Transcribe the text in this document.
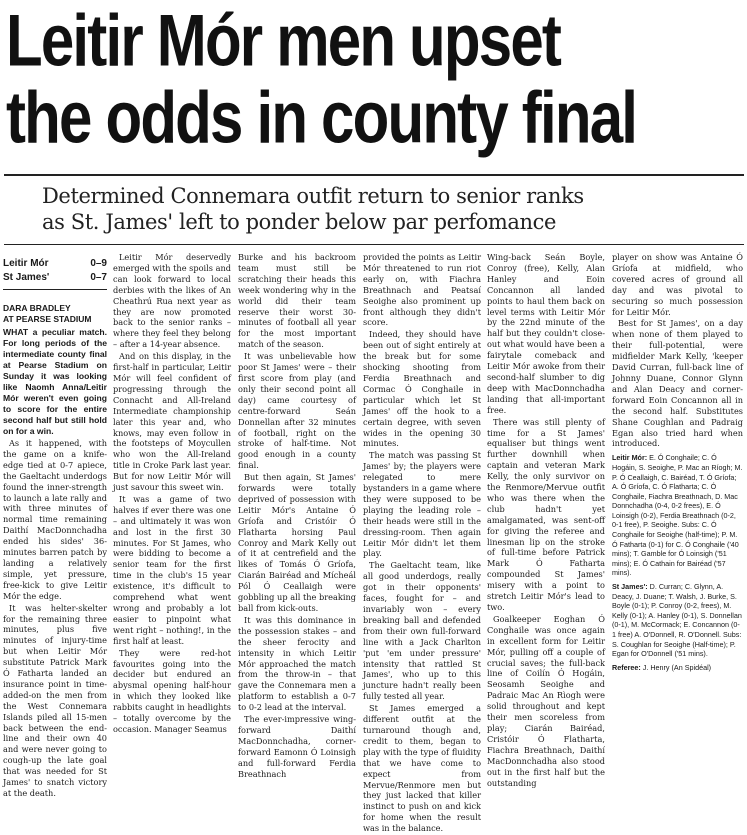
Leitir Mór men upset
the odds in county final
Determined Connemara outfit return to senior ranks
as St. James' left to ponder below par perfomance
Leitir Mór	0–9
St James'	0–7
DARA BRADLEY
AT PEARSE STADIUM

WHAT a peculiar match. For long periods of the intermediate county final at Pearse Stadium on Sunday it was looking like Naomh Anna/Leitir Mór weren't even going to score for the entire second half but still hold on for a win.

As it happened, with the game on a knife-edge tied at 0-7 apiece, the Gaeltacht underdogs found the inner-strength to launch a late rally and with three minutes of normal time remaining Daithí MacDonnchadha ended his sides' 36-minutes barren patch by landing a relatively simple, yet pressure, free-kick to give Leitir Mór the edge.

It was helter-skelter for the remaining three minutes, plus five minutes of injury-time but when Leitir Mór substitute Patrick Mark Ó Fatharta landed an insurance point in time-added-on the men from the West Connemara Islands piled all 15-men back between the end-line and their own 40 and were never going to cough-up the late goal that was needed for St James' to snatch victory at the death.

Leitir Mór deservedly emerged with the spoils and can look forward to local derbies with the likes of An Cheathrú Rua next year as they are now promoted back to the senior ranks – where they feel they belong – after a 14-year absence.

And on this display, in the first-half in particular, Leitir Mór will feel confident of progressing through the Connacht and All-Ireland Intermediate championship later this year and, who knows, may even follow in the footsteps of Moycullen who won the All-Ireland title in Croke Park last year. But for now Leitir Mór will just savour this sweet win.

It was a game of two halves if ever there was one – and ultimately it was won and lost in the first 30 minutes. For St James, who were bidding to become a senior team for the first time in the club's 15 year existence, it's difficult to comprehend what went wrong and probably a lot easier to pinpoint what went right – nothing!, in the first half at least.

They were red-hot favourites going into the decider but endured an abysmal opening half-hour in which they looked like rabbits caught in headlights – totally overcome by the occasion. Manager Seamus

Burke and his backroom team must still be scratching their heads this week wondering why in the world did their team reserve their worst 30-minutes of football all year for the most important match of the season.

It was unbelievable how poor St James' were – their first score from play (and only their second point all day) came courtesy of centre-forward Seán Donnellan after 32 minutes of football, right on the stroke of half-time. Not good enough in a county final.

But then again, St James' forwards were totally deprived of possession with Leitir Mór's Antaine Ó Gríofa and Cristóir Ó Flatharta horsing Paul Conroy and Mark Kelly out of it at centrefield and the likes of Tomás Ó Gríofa, Ciarán Bairéad and Mícheál Pól Ó Ceallaigh were gobbling up all the breaking ball from kick-outs.

It was this dominance in the possession stakes – and the sheer ferocity and intensity in which Leitir Mór approached the match from the throw-in – that gave the Connemara men a platform to establish a 0-7 to 0-2 lead at the interval.

The ever-impressive wing-forward Daithí MacDonnchadha, corner-forward Eamonn Ó Loinsigh and full-forward Ferdia Breathnach

provided the points as Leitir Mór threatened to run riot early on, with Fiachra Breathnach and Peatsaí Seoighe also prominent up front although they didn't score.

Indeed, they should have been out of sight entirely at the break but for some shocking shooting from Ferdia Breathnach and Cormac Ó Conghaile in particular which let St James' off the hook to a certain degree, with seven wides in the opening 30 minutes.

The match was passing St James' by; the players were relegated to mere bystanders in a game where they were supposed to be playing the leading role – their heads were still in the dressing-room. Then again Leitir Mór didn't let them play.

The Gaeltacht team, like all good underdogs, really got in their opponents' faces, fought for – and invariably won – every breaking ball and defended from their own full-forward line with a Jack Charlton 'put 'em under pressure' intensity that rattled St James', who up to this juncture hadn't really been fully tested all year.

St James emerged a different outfit at the turnaround though and, credit to them, began to play with the type of fluidity that we have come to expect from Mervue/Renmore men but they just lacked that killer instinct to push on and kick for home when the result was in the balance.

Wing-back Seán Boyle, Conroy (free), Kelly, Alan Hanley and Eoin Concannon all landed points to haul them back on level terms with Leitir Mór by the 22nd minute of the half but they couldn't close-out what would have been a fairytale comeback and Leitir Mór awoke from their second-half slumber to dig deep with MacDonnchadha landing that all-important free.

There was still plenty of time for a St James' equaliser but things went further downhill when captain and veteran Mark Kelly, the only survivor on the Renmore/Mervue outfit who was there when the club hadn't yet amalgamated, was sent-off for giving the referee and linesman lip on the stroke of full-time before Patrick Mark Ó Fatharta compounded St James' misery with a point to stretch Leitir Mór's lead to two.

Goalkeeper Eoghan Ó Conghaile was once again in excellent form for Leitir Mór, pulling off a couple of crucial saves; the full-back line of Coilín Ó Hogáin, Seosamh Seoighe and Padraic Mac An Rìogh were solid throughout and kept their men scoreless from play; Ciarán Bairéad, Cristóir Ó Flatharta, Fiachra Breathnach, Daithí MacDonnchadha also stood out in the first half but the outstanding

player on show was Antaine Ó Gríofa at midfield, who covered acres of ground all day and was pivotal to securing so much possession for Leitir Mór.

Best for St James', on a day when none of them played to their full-potential, were midfielder Mark Kelly, 'keeper David Curran, full-back line of Johnny Duane, Connor Glynn and Alan Deacy and corner-forward Eoin Concannon all in the second half. Substitutes Shane Coughlan and Padraig Egan also tried hard when introduced.

Leitir Mór: E. Ó Conghaile; C. Ó Hogáin, S. Seoighe, P. Mac an Ríogh; M. P. Ó Ceallaigh, C. Bairéad, T. Ó Gríofa; A. Ó Gríofa, C. Ó Flatharta; C. Ó Conghaile, Fiachra Breathnach, D. Mac Donnchadha (0-4, 0-2 frees), E. Ó Loinsigh (0-2), Ferdia Breathnach (0-2, 0-1 free), P. Seoighe. Subs: C. Ó Conghaile for Seoighe (half-time); P. M. Ó Fatharta (0-1) for C. Ó Conghaile ('40 mins); T. Gamble for Ó Loinsigh ('51 mins); E. Ó Cathain for Bairéad ('57 mins).

St James': D. Curran; C. Glynn, A. Deacy, J. Duane; T. Walsh, J. Burke, S. Boyle (0-1); P. Conroy (0-2, frees), M. Kelly (0-1); A. Hanley (0-1), S. Donnellan (0-1), M. McCormack; E. Concannon (0-1 free) A. O'Donnell, R. O'Donnell. Subs: S. Coughlan for Seoighe (Half-time); P. Egan for O'Donnell ('51 mins).

Referee: J. Henry (An Spidéal)
